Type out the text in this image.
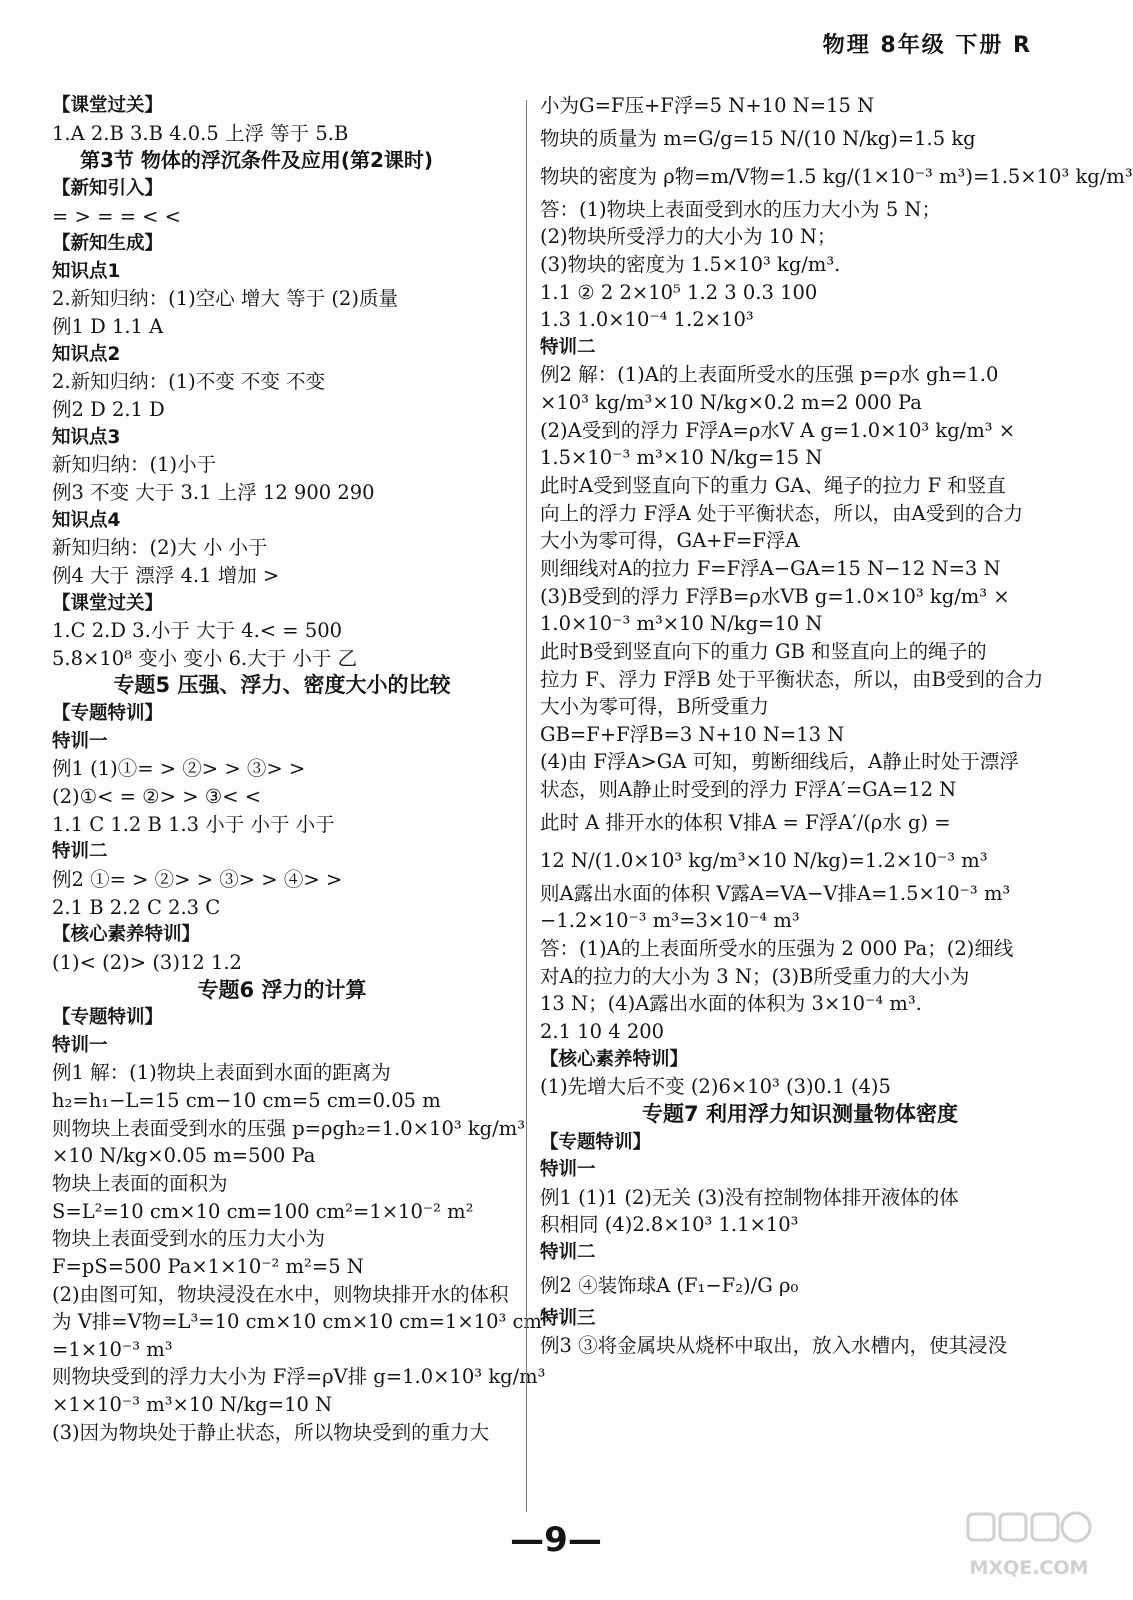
物理 8年级 下册 R
【课堂过关】
1.A 2.B 3.B 4.0.5 上浮 等于 5.B
第3节 物体的浮沉条件及应用(第2课时)
【新知引入】
= > = = < <
【新知生成】
知识点1
2.新知归纳：(1)空心 增大 等于 (2)质量
例1 D 1.1 A
知识点2
2.新知归纳：(1)不变 不变 不变
例2 D 2.1 D
知识点3
新知归纳：(1)小于
例3 不变 大于 3.1 上浮 12 900 290
知识点4
新知归纳：(2)大 小 小于
例4 大于 漂浮 4.1 增加 >
【课堂过关】
1.C 2.D 3.小于 大于 4.< = 500
5.8×10⁸ 变小 变小 6.大于 小于 乙
专题5 压强、浮力、密度大小的比较
【专题特训】
特训一
例1 (1)①= > ②> > ③> >
(2)①< = ②> > ③< <
1.1 C 1.2 B 1.3 小于 小于 小于
特训二
例2 ①= > ②> > ③> > ④> >
2.1 B 2.2 C 2.3 C
【核心素养特训】
(1)< (2)> (3)12 1.2
专题6 浮力的计算
【专题特训】
特训一
例1 解：(1)物块上表面到水面的距离为
h₂=h₁−L=15 cm−10 cm=5 cm=0.05 m
则物块上表面受到水的压强 p=ρgh₂=1.0×10³ kg/m³
×10 N/kg×0.05 m=500 Pa
物块上表面的面积为
S=L²=10 cm×10 cm=100 cm²=1×10⁻² m²
物块上表面受到水的压力大小为
F=pS=500 Pa×1×10⁻² m²=5 N
(2)由图可知，物块浸没在水中，则物块排开水的体积
为 V排=V物=L³=10 cm×10 cm×10 cm=1×10³ cm³
=1×10⁻³ m³
则物块受到的浮力大小为 F浮=ρV排 g=1.0×10³ kg/m³
×1×10⁻³ m³×10 N/kg=10 N
(3)因为物块处于静止状态，所以物块受到的重力大
小为G=F压+F浮=5 N+10 N=15 N
物块的质量为 m=G/g=15 N/(10 N/kg)=1.5 kg
物块的密度为 ρ物=m/V物=1.5 kg/(1×10⁻³ m³)=1.5×10³ kg/m³
答：(1)物块上表面受到水的压力大小为 5 N；
(2)物块所受浮力的大小为 10 N；
(3)物块的密度为 1.5×10³ kg/m³.
1.1 ② 2 2×10⁵ 1.2 3 0.3 100
1.3 1.0×10⁻⁴ 1.2×10³
特训二
例2 解：(1)A的上表面所受水的压强 p=ρ水 gh=1.0
×10³ kg/m³×10 N/kg×0.2 m=2 000 Pa
(2)A受到的浮力 F浮A=ρ水V A g=1.0×10³ kg/m³ ×
1.5×10⁻³ m³×10 N/kg=15 N
此时A受到竖直向下的重力 GA、绳子的拉力 F 和竖直
向上的浮力 F浮A 处于平衡状态，所以，由A受到的合力
大小为零可得，GA+F=F浮A
则细线对A的拉力 F=F浮A−GA=15 N−12 N=3 N
(3)B受到的浮力 F浮B=ρ水VB g=1.0×10³ kg/m³ ×
1.0×10⁻³ m³×10 N/kg=10 N
此时B受到竖直向下的重力 GB 和竖直向上的绳子的
拉力 F、浮力 F浮B 处于平衡状态，所以，由B受到的合力
大小为零可得，B所受重力
GB=F+F浮B=3 N+10 N=13 N
(4)由 F浮A>GA 可知，剪断细线后，A静止时处于漂浮
状态，则A静止时受到的浮力 F浮A′=GA=12 N
此时 A 排开水的体积 V排A = F浮A′/(ρ水 g) =
12 N/(1.0×10³ kg/m³×10 N/kg)=1.2×10⁻³ m³
则A露出水面的体积 V露A=VA−V排A=1.5×10⁻³ m³
−1.2×10⁻³ m³=3×10⁻⁴ m³
答：(1)A的上表面所受水的压强为 2 000 Pa；(2)细线
对A的拉力的大小为 3 N；(3)B所受重力的大小为
13 N；(4)A露出水面的体积为 3×10⁻⁴ m³.
2.1 10 4 200
【核心素养特训】
(1)先增大后不变 (2)6×10³ (3)0.1 (4)5
专题7 利用浮力知识测量物体密度
【专题特训】
特训一
例1 (1)1 (2)无关 (3)没有控制物体排开液体的体
积相同 (4)2.8×10³ 1.1×10³
特训二
例2 ④装饰球A (F₁−F₂)/G ρ₀
特训三
例3 ③将金属块从烧杯中取出，放入水槽内，使其浸没
—9—
MXQE.COM
